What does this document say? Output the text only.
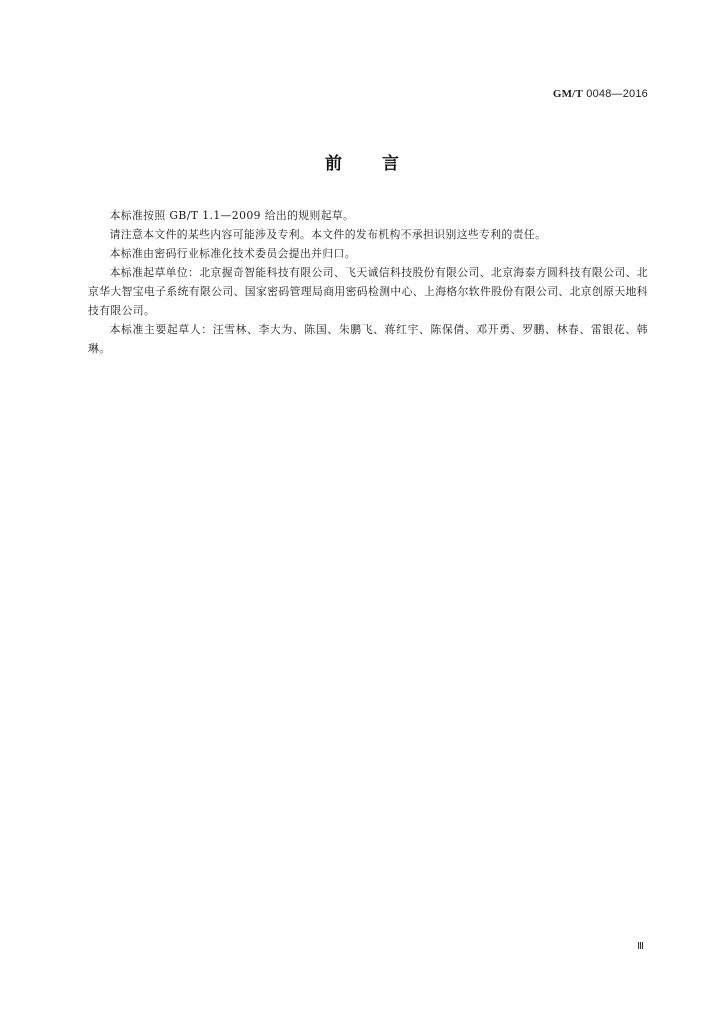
GM/T 0048—2016
前言

本标准按照 GB/T 1.1—2009 给出的规则起草。

请注意本文件的某些内容可能涉及专利。本文件的发布机构不承担识别这些专利的责任。

本标准由密码行业标准化技术委员会提出并归口。

本标准起草单位：北京握奇智能科技有限公司、飞天诚信科技股份有限公司、北京海泰方圆科技有限公司、北京华大智宝电子系统有限公司、国家密码管理局商用密码检测中心、上海格尔软件股份有限公司、北京创原天地科技有限公司。

本标准主要起草人：汪雪林、李大为、陈国、朱鹏飞、蒋红宇、陈保倩、邓开勇、罗鹏、林春、雷银花、韩琳。

Ⅲ
